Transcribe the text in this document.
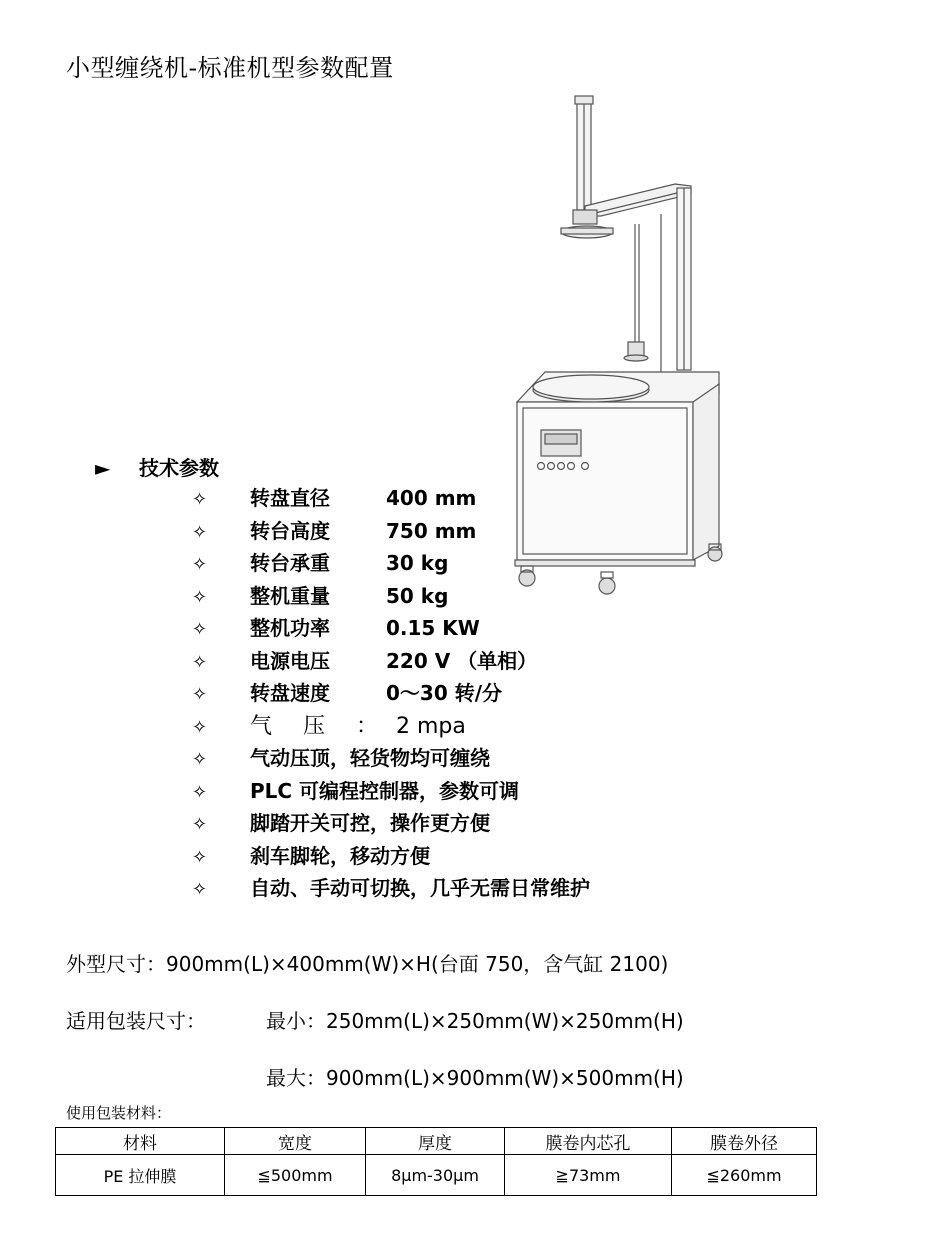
小型缠绕机-标准机型参数配置
► 技术参数
✧ 转盘直径	400 mm
✧ 转台高度	750 mm
✧ 转台承重	30 kg
✧ 整机重量	50 kg
✧ 整机功率	0.15 KW
✧ 电源电压	220 V （单相）
✧ 转盘速度	0～30 转/分
✧ 气 压 ： 2 mpa
✧ 气动压顶，轻货物均可缠绕
✧ PLC 可编程控制器，参数可调
✧ 脚踏开关可控，操作更方便
✧ 刹车脚轮，移动方便
✧ 自动、手动可切换，几乎无需日常维护
外型尺寸：900mm(L)×400mm(W)×H(台面 750，含气缸 2100)
适用包装尺寸：	最小：250mm(L)×250mm(W)×250mm(H)
最大：900mm(L)×900mm(W)×500mm(H)
使用包装材料：
材料	宽度	厚度	膜卷内芯孔	膜卷外径
PE 拉伸膜	≦500mm	8μm-30μm	≧73mm	≦260mm
